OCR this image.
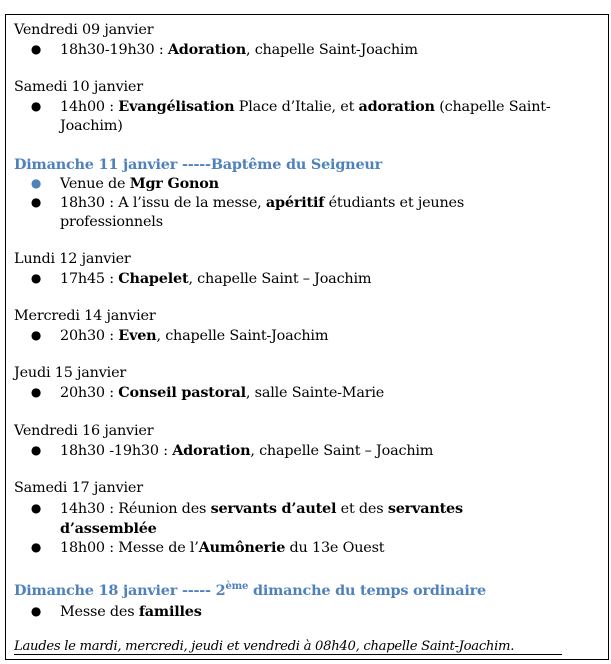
Vendredi 09 janvier
● 18h30-19h30 : Adoration, chapelle Saint-Joachim
Samedi 10 janvier
● 14h00 : Evangélisation Place d’Italie, et adoration (chapelle Saint-
Joachim)
Dimanche 11 janvier -----Baptême du Seigneur
● Venue de Mgr Gonon
● 18h30 : A l’issu de la messe, apéritif étudiants et jeunes
professionnels
Lundi 12 janvier
● 17h45 : Chapelet, chapelle Saint – Joachim
Mercredi 14 janvier
● 20h30 : Even, chapelle Saint-Joachim
Jeudi 15 janvier
● 20h30 : Conseil pastoral, salle Sainte-Marie
Vendredi 16 janvier
● 18h30 -19h30 : Adoration, chapelle Saint – Joachim
Samedi 17 janvier
● 14h30 : Réunion des servants d’autel et des servantes
d’assemblée
● 18h00 : Messe de l’Aumônerie du 13e Ouest
Dimanche 18 janvier ----- 2ème dimanche du temps ordinaire
● Messe des familles
Laudes le mardi, mercredi, jeudi et vendredi à 08h40, chapelle Saint-Joachim.
